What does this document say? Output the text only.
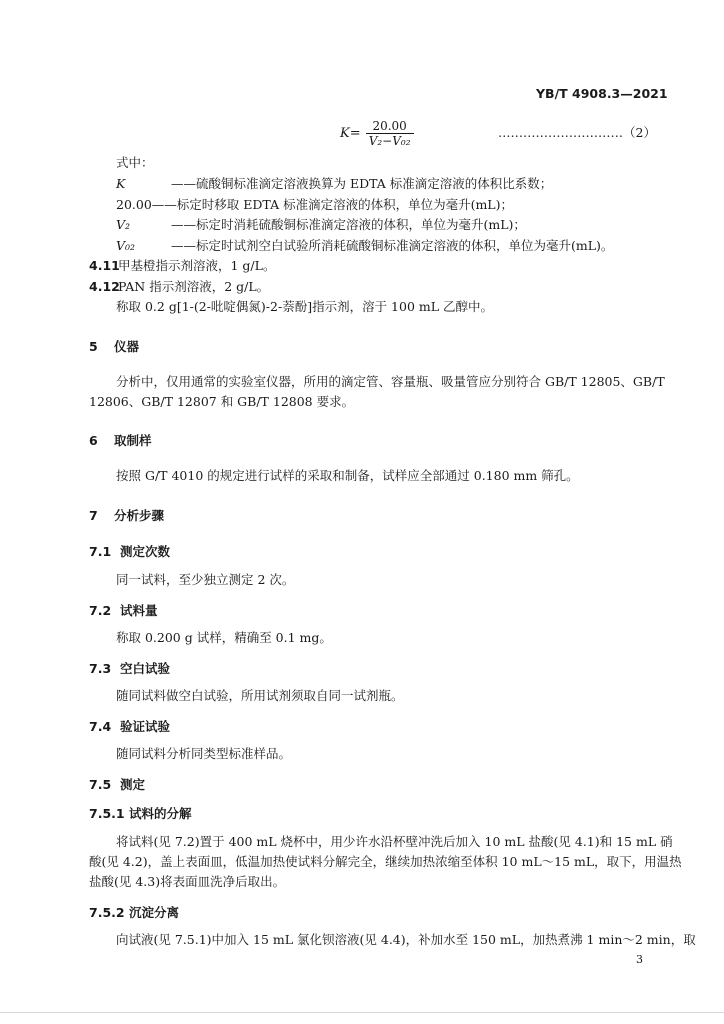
YB/T 4908.3—2021
$K= \frac{20.00}{\text{V₂−V₀₂}}$	…………………………（2）
式中：
K	——硫酸铜标准滴定溶液换算为 EDTA 标准滴定溶液的体积比系数；
20.00——标定时移取 EDTA 标准滴定溶液的体积，单位为毫升(mL)；
V₂	——标定时消耗硫酸铜标准滴定溶液的体积，单位为毫升(mL)；
V₀₂	——标定时试剂空白试验所消耗硫酸铜标准滴定溶液的体积，单位为毫升(mL)。
4.11甲基橙指示剂溶液，1 g/L。
4.12PAN 指示剂溶液，2 g/L。
称取 0.2 g[1-(2-吡啶偶氮)-2-萘酚]指示剂，溶于 100 mL 乙醇中。
5 仪器
分析中，仅用通常的实验室仪器，所用的滴定管、容量瓶、吸量管应分别符合 GB/T 12805、GB/T
12806、GB/T 12807 和 GB/T 12808 要求。
6 取制样
按照 G/T 4010 的规定进行试样的采取和制备，试样应全部通过 0.180 mm 筛孔。
7 分析步骤
7.1 测定次数
同一试料，至少独立测定 2 次。
7.2 试料量
称取 0.200 g 试样，精确至 0.1 mg。
7.3 空白试验
随同试料做空白试验，所用试剂须取自同一试剂瓶。
7.4 验证试验
随同试料分析同类型标准样品。
7.5 测定
7.5.1 试料的分解
将试料(见 7.2)置于 400 mL 烧杯中，用少许水沿杯壁冲洗后加入 10 mL 盐酸(见 4.1)和 15 mL 硝
酸(见 4.2)，盖上表面皿，低温加热使试料分解完全，继续加热浓缩至体积 10 mL～15 mL，取下，用温热
盐酸(见 4.3)将表面皿洗净后取出。
7.5.2 沉淀分离
向试液(见 7.5.1)中加入 15 mL 氯化钡溶液(见 4.4)，补加水至 150 mL，加热煮沸 1 min～2 min，取
3
